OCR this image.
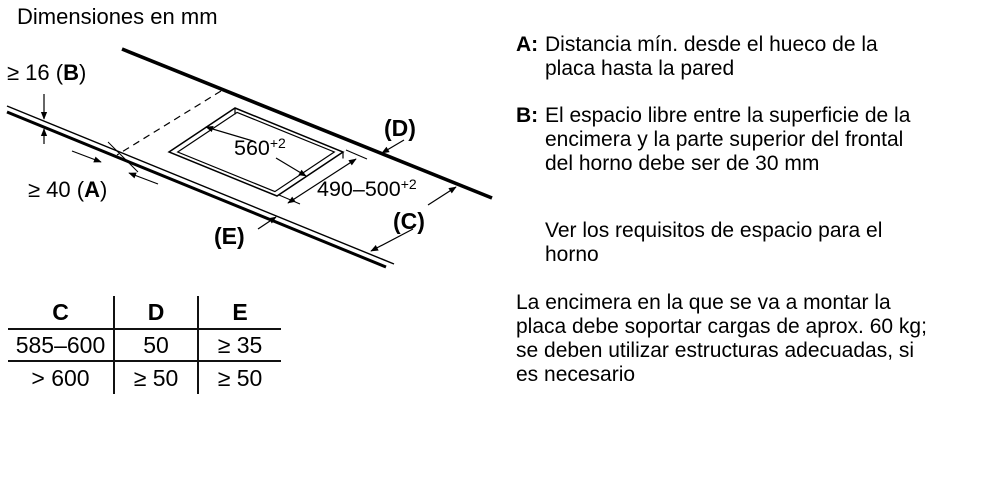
Dimensiones en mm
≥ 16 (B)
≥ 40 (A)
(D)
(C)
(E)
$560^{+2}$
$490-500^{+2}$
C	D	E
585–600	50	≥ 35
> 600	≥ 50	≥ 50
A: Distancia mín. desde el hueco de la
placa hasta la pared
B: El espacio libre entre la superficie de la
encimera y la parte superior del frontal
del horno debe ser de 30 mm
Ver los requisitos de espacio para el
horno
La encimera en la que se va a montar la
placa debe soportar cargas de aprox. 60 kg;
se deben utilizar estructuras adecuadas, si
es necesario
